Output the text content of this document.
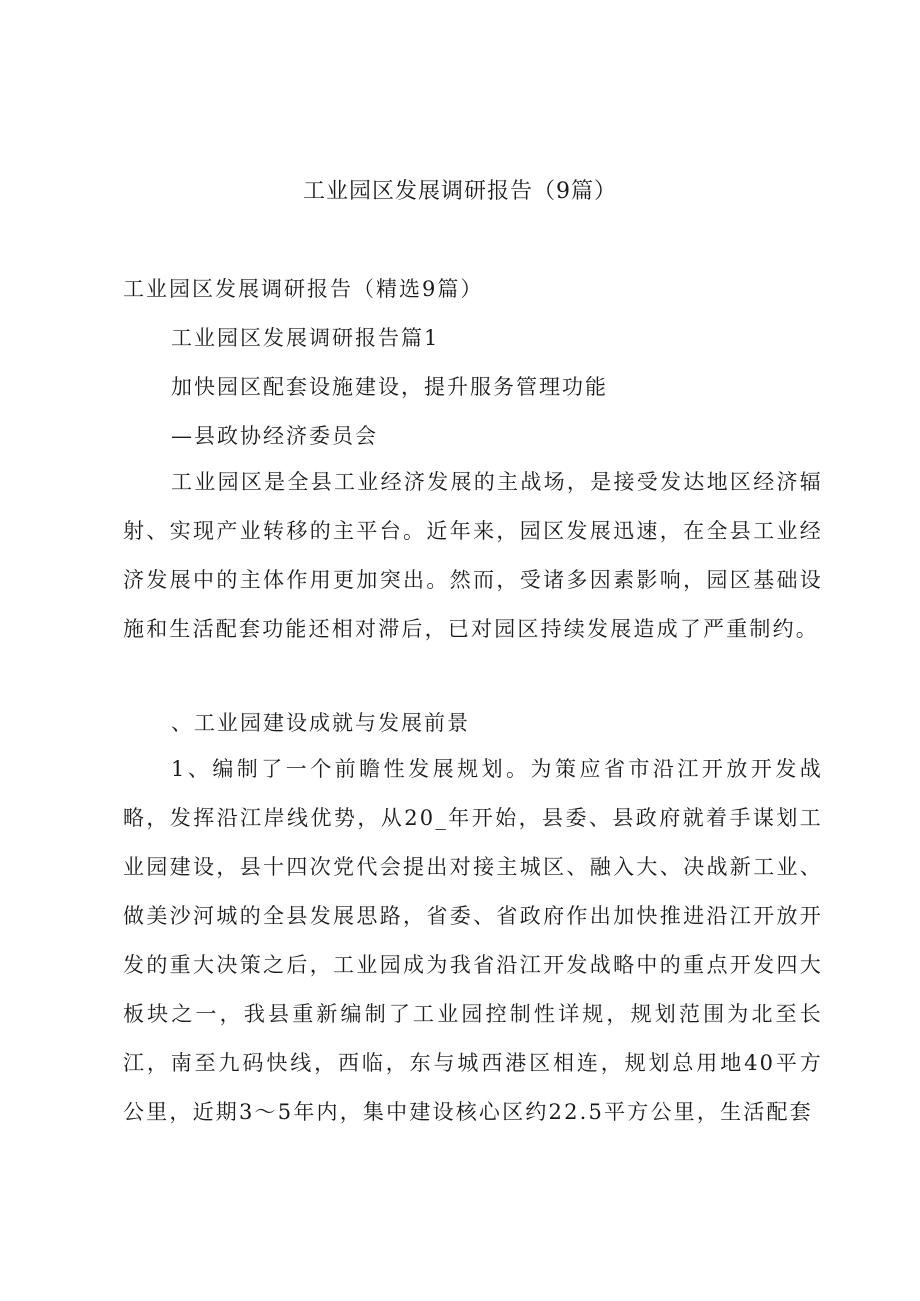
工业园区发展调研报告（9篇）
工业园区发展调研报告（精选9篇）
工业园区发展调研报告篇1
加快园区配套设施建设，提升服务管理功能
—县政协经济委员会
工业园区是全县工业经济发展的主战场，是接受发达地区经济辐射、实现产业转移的主平台。近年来，园区发展迅速，在全县工业经济发展中的主体作用更加突出。然而，受诸多因素影响，园区基础设施和生活配套功能还相对滞后，已对园区持续发展造成了严重制约。
、工业园建设成就与发展前景
1、编制了一个前瞻性发展规划。为策应省市沿江开放开发战略，发挥沿江岸线优势，从20_年开始，县委、县政府就着手谋划工业园建设，县十四次党代会提出对接主城区、融入大、决战新工业、做美沙河城的全县发展思路，省委、省政府作出加快推进沿江开放开发的重大决策之后，工业园成为我省沿江开发战略中的重点开发四大板块之一，我县重新编制了工业园控制性详规，规划范围为北至长江，南至九码快线，西临，东与城西港区相连，规划总用地40平方公里，近期3～5年内，集中建设核心区约22.5平方公里，生活配套
